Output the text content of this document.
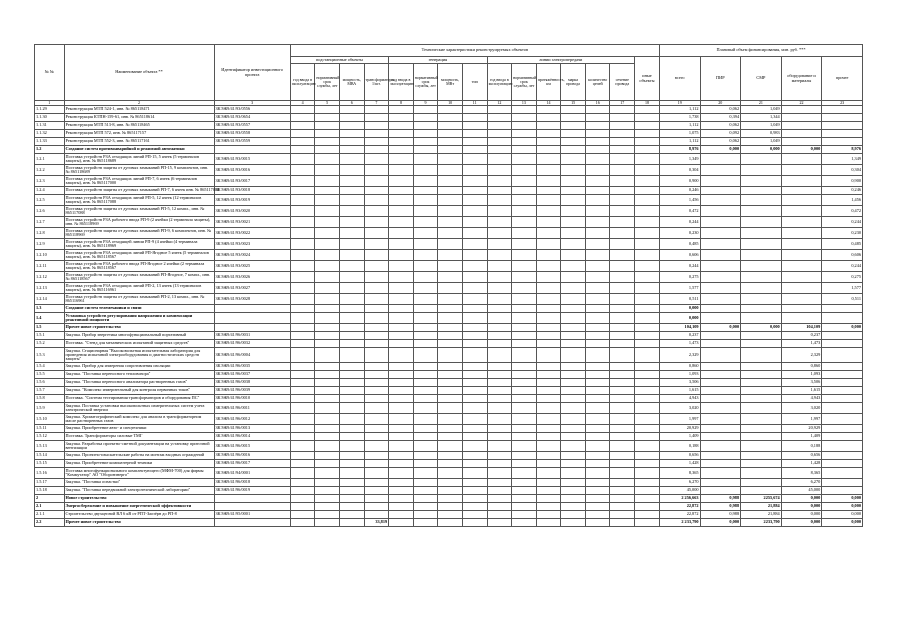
№ №	Наименование объекта **	Идентификатор инвестиционного проекта	Технические характеристики реконструируемых объектов															Плановый объем финансирования, млн. руб. ***				
			подстанционные объекты				генерация				линии электропередачи						иные объекты	всего	ПИР	СМР	оборудование и материалы	прочее
			год ввода в эксплуатацию	нормативный срок службы, лет	мощность, МВА	трансформаторы, 1/шт.	год ввода в эксплуатацию	нормативный срок службы, лет	мощность, МВт	тип	год ввода в эксплуатацию	нормативный срок службы, лет	протяжённость, км	марка провода	количество цепей	сечение провода						
1	2	3	4	5	6	7	8	9	10	11	12	13	14	15	16	17	18	19	20	21	22	23
1.1.29	Реконструкция МТП 524-1, инв. № 865118471	ЗКЭЖ9/41/93/0556																1,112	0,062	1,049		
1.1.30	Реконструкция КТПН-159-61, инв. № 865118614	ЗКЭЖ9/41/93/0654																1,738	0,394	1,344		
1.1.31	Реконструкция МТП 513-8, инв. № 865118465	ЗКЭЖ9/41/93/0557																1,112	0,062	1,049		
1.1.32	Реконструкция МТП 572, инв. № 865117157	ЗКЭЖ9/41/93/0558																1,075	0,092	0,983		
1.1.33	Реконструкция МТП 552-3, инв. № 865117161	ЗКЭЖ9/41/93/0559																1,112	0,062	1,049		
1.2	Создание систем противоаварийной и режимной автоматики																	8,976	0,000	0,000	0,000	8,976
1.2.1	Поставка устройств РЗА отходящих линий РП-15, 5 ячеек (5 терминалов защиты), инв. № 865118689	ЗКЭЖ9/41/93/0015																1,349				1,349
1.2.2	Поставка устройств защиты от дуговых замыканий РП-15, 9 комплектов, инв. № 865118689	ЗКЭЖ9/41/93/0016																0,304				0,304
1.2.3	Поставка устройств РЗА отходящих линий РП-7, 6 ячеек (6 терминалов защиты), инв. № 865117000	ЗКЭЖ9/41/93/0017																0,900				0,900
1.2.4	Поставка устройств защиты от дуговых замыканий РП-7, 6 ячеек инв. № 865117000	ЗКЭЖ9/41/93/0018																0,246				0,246
1.2.5	Поставка устройств РЗА отходящих линий РП-5, 12 ячеек (12 терминалов защиты), инв. № 865117088	ЗКЭЖ9/41/93/0019																1,456				1,456
1.2.6	Поставка устройств защиты от дуговых замыканий РП-5, 12 компл., инв. № 865117088	ЗКЭЖ9/41/93/0020																0,472				0,472
1.2.7	Поставка устройств РЗА рабочего ввода РП-9 (2 ячейки (2 терминала защиты), инв. № 865118969	ЗКЭЖ9/41/93/0021																0,244				0,244
1.2.8	Поставка устройств защиты от дуговых замыканий РП-9, 6 комплектов, инв. № 865118969	ЗКЭЖ9/41/93/0022																0,230				0,230
1.2.9	Поставка устройств РЗА отходящей линии РП-9 (4 ячейки (4 терминала защиты), инв. № 865118969	ЗКЭЖ9/41/93/0023																0,485				0,485
1.2.10	Поставка устройств РЗА отходящих линий РП-Ягодное 5 ячеек (5 терминалов защиты), инв. № 865118567	ЗКЭЖ9/41/93/0024																0,606				0,606
1.2.11	Поставка устройств РЗА рабочего ввода РП-Ягодное 2 ячейки (2 терминала защиты), инв. № 865118567	ЗКЭЖ9/41/93/0025																0,244				0,244
1.2.12	Поставка устройств защиты от дуговых замыканий РП-Ягодное, 7 компл., инв. № 865118567	ЗКЭЖ9/41/93/0026																0,275				0,275
1.2.13	Поставка устройств РЗА отходящих линий РП-2, 13 ячеек (13 терминалов защиты), инв. № 865116961	ЗКЭЖ9/41/93/0027																1,577				1,577
1.2.14	Поставка устройств защиты от дуговых замыканий РП-2, 13 компл., инв. № 865116961	ЗКЭЖ9/41/93/0028																0,511				0,511
1.3	Создание систем телемеханики и связи																	0,000				
1.4	Установка устройств регулирования напряжения и компенсации реактивной мощности																	0,000				
1.5	Прочее новое строительство																	104,109	0,000	0,000	104,109	0,000
1.5.1	Закупка. Прибор энергетика многофункциональный портативный	ЗКЭЖ9/41/96/0031																0,237			0,237	
1.5.2	Поставка. "Стенд для механических испытаний защитных средств"	ЗКЭЖ9/41/96/0032																1,473			1,473	
1.5.3	Закупка. Стационарная "Высоковольтная испытательная лаборатория для проведения испытаний электрооборудования и диагностических средств защиты"	ЗКЭЖ9/41/96/0004																2,329			2,329	
1.5.4	Закупка. Прибор для измерения сопротивления изоляции	ЗКЭЖ9/41/96/0035																0,860			0,860	
1.5.5	Закупка. "Поставка переносного тепловизора"	ЗКЭЖ9/41/96/0037																1,093			1,093	
1.5.6	Закупка. "Поставка переносного анализатора растворенных газов"	ЗКЭЖ9/41/96/0038																3,506			3,506	
1.5.7	Закупка. "Комплекс измерительный для контроля первичных токов"	ЗКЭЖ9/41/96/0039																1,615			1,615	
1.5.8	Поставка. "Система тестирования трансформаторов и оборудования ПС"	ЗКЭЖ9/41/96/0010																4,943			4,943	
1.5.9	Закупка. Поставка установки высоковольтных измерительных систем учета электрической энергии	ЗКЭЖ9/41/96/0011																3,020			3,020	
1.5.10	Закупка. Хроматографический комплекс для анализа в трансформаторном масле растворенных газов	ЗКЭЖ9/41/96/0012																1,997			1,997	
1.5.11	Закупка. Приобретение авто- и спецтехники	ЗКЭЖ9/41/96/0013																20,929			20,929	
1.5.12	Поставка. Трансформаторы силовые ТМГ	ЗКЭЖ9/41/96/0014																1,409			1,409	
1.5.13	Закупка. Разработка проектно-сметной документации на установку приточной вентиляции	ЗКЭЖ9/41/96/0015																0,188			0,188	
1.5.14	Закупка. Проектно-изыскательские работы на монтаж входных ограждений	ЗКЭЖ9/41/96/0016																0,656			0,656	
1.5.15	Закупка. Приобретение компьютерной техники	ЗКЭЖ9/41/96/0017																1,428			1,428	
1.5.16	Поставка многофункционального комплектующего (МФМ-700) для фирмы "Коммутатор" АО "Оборонэнерго"	ЗКЭЖ9/41/94/0001																8,365			8,365	
1.5.17	Закупка. "Поставка оснастки"	ЗКЭЖ9/41/96/0018																6,270			6,270	
1.5.18	Закупка. "Поставка передвижной электротехнической лаборатории"	ЗКЭЖ9/41/96/0019																45,000			45,000	
2	Новое строительство																	2 256,663	0,988	2255,674	0,000	0,000
2.1	Энергосбережение и повышение энергетической эффективности																	22,872	0,988	21,884	0,000	0,000
2.1.1	Строительство двухцепной ВЛ 6 кВ от РПТ-Заозёрн до РП-8	ЗКЭЖ9/41/95/0001																22,872	0,988	21,884	0,000	0,000
2.2	Прочее новое строительство					33,819												2 233,790	0,000	2233,790	0,000	0,000
